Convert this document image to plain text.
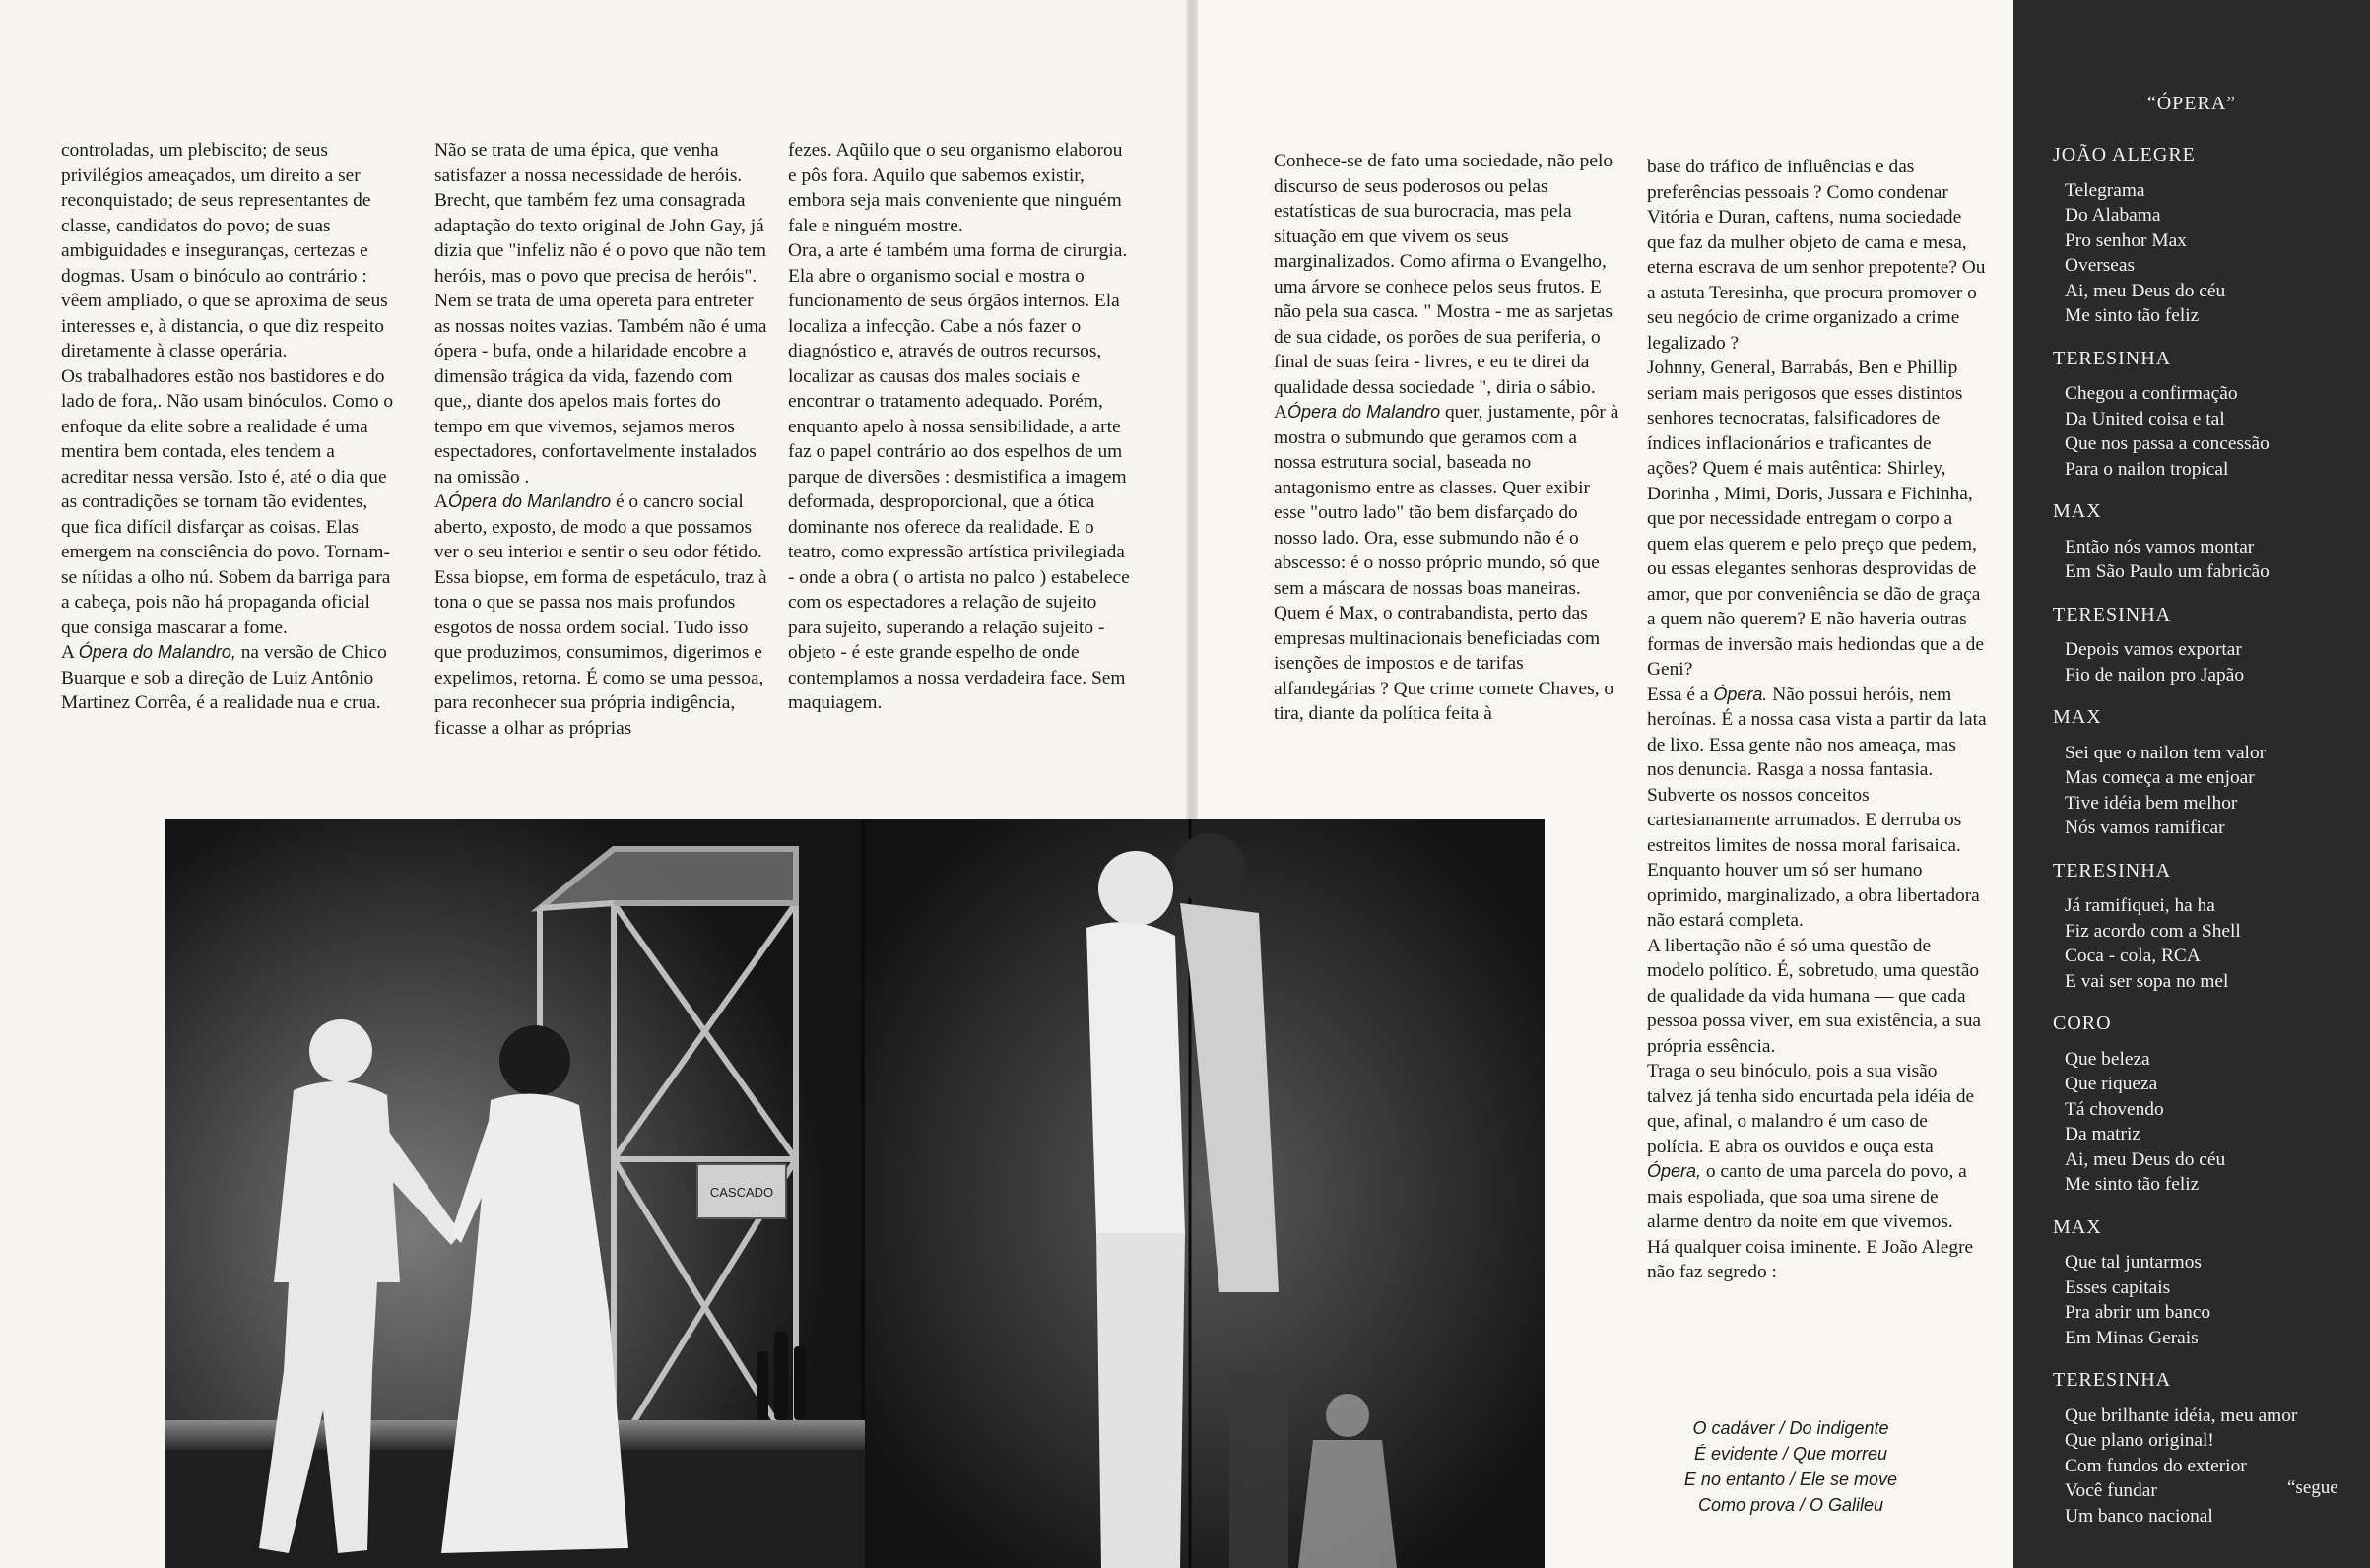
controladas, um plebiscito; de seus privilégios ameaçados, um direito a ser reconquistado; de seus representantes de classe, candidatos do povo; de suas ambiguidades e inseguranças, certezas e dogmas. Usam o binóculo ao contrário : vêem ampliado, o que se aproxima de seus interesses e, à distancia, o que diz respeito diretamente à classe operária.

Os trabalhadores estão nos bastidores e do lado de fora,. Não usam binóculos. Como o enfoque da elite sobre a realidade é uma mentira bem contada, eles tendem a acreditar nessa versão. Isto é, até o dia que as contradições se tornam tão evidentes, que fica difícil disfarçar as coisas. Elas emergem na consciência do povo. Tornam-se nítidas a olho nú. Sobem da barriga para a cabeça, pois não há propaganda oficial que consiga mascarar a fome.

A Ópera do Malandro, na versão de Chico Buarque e sob a direção de Luiz Antônio Martinez Corrêa, é a realidade nua e crua.

Não se trata de uma épica, que venha satisfazer a nossa necessidade de heróis. Brecht, que também fez uma consagrada adaptação do texto original de John Gay, já dizia que "infeliz não é o povo que não tem heróis, mas o povo que precisa de heróis". Nem se trata de uma opereta para entreter as nossas noites vazias. Também não é uma ópera - bufa, onde a hilaridade encobre a dimensão trágica da vida, fazendo com que,, diante dos apelos mais fortes do tempo em que vivemos, sejamos meros espectadores, confortavelmente instalados na omissão .

AÓpera do Manlandro é o cancro social aberto, exposto, de modo a que possamos ver o seu interioı e sentir o seu odor fétido. Essa biopse, em forma de espetáculo, traz à tona o que se passa nos mais profundos esgotos de nossa ordem social. Tudo isso que produzimos, consumimos, digerimos e expelimos, retorna. É como se uma pessoa, para reconhecer sua própria indigência, ficasse a olhar as próprias

fezes. Aqũilo que o seu organismo elaborou e pôs fora. Aquilo que sabemos existir, embora seja mais conveniente que ninguém fale e ninguém mostre.

Ora, a arte é também uma forma de cirurgia. Ela abre o organismo social e mostra o funcionamento de seus órgãos internos. Ela localiza a infecção. Cabe a nós fazer o diagnóstico e, através de outros recursos, localizar as causas dos males sociais e encontrar o tratamento adequado. Porém, enquanto apelo à nossa sensibilidade, a arte faz o papel contrário ao dos espelhos de um parque de diversões : desmistifica a imagem deformada, desproporcional, que a ótica dominante nos oferece da realidade. E o teatro, como expressão artística privilegiada - onde a obra ( o artista no palco ) estabelece com os espectadores a relação de sujeito para sujeito, superando a relação sujeito - objeto - é este grande espelho de onde contemplamos a nossa verdadeira face. Sem maquiagem.

Conhece-se de fato uma sociedade, não pelo discurso de seus poderosos ou pelas estatísticas de sua burocracia, mas pela situação em que vivem os seus marginalizados. Como afirma o Evangelho, uma árvore se conhece pelos seus frutos. E não pela sua casca. " Mostra - me as sarjetas de sua cidade, os porões de sua periferia, o final de suas feira - livres, e eu te direi da qualidade dessa sociedade ", diria o sábio.

AÓpera do Malandro quer, justamente, pôr à mostra o submundo que geramos com a nossa estrutura social, baseada no antagonismo entre as classes. Quer exibir esse "outro lado" tão bem disfarçado do nosso lado. Ora, esse submundo não é o abscesso: é o nosso próprio mundo, só que sem a máscara de nossas boas maneiras. Quem é Max, o contrabandista, perto das empresas multinacionais beneficiadas com isenções de impostos e de tarifas alfandegárias ? Que crime comete Chaves, o tira, diante da política feita à

base do tráfico de influências e das preferências pessoais ? Como condenar Vitória e Duran, caftens, numa sociedade que faz da mulher objeto de cama e mesa, eterna escrava de um senhor prepotente? Ou a astuta Teresinha, que procura promover o seu negócio de crime organizado a crime legalizado ?

Johnny, General, Barrabás, Ben e Phillip seriam mais perigosos que esses distintos senhores tecnocratas, falsificadores de índices inflacionários e traficantes de ações? Quem é mais autêntica: Shirley, Dorinha , Mimi, Doris, Jussara e Fichinha, que por necessidade entregam o corpo a quem elas querem e pelo preço que pedem, ou essas elegantes senhoras desprovidas de amor, que por conveniência se dão de graça a quem não querem? E não haveria outras formas de inversão mais hediondas que a de Geni?

Essa é a Ópera. Não possui heróis, nem heroínas. É a nossa casa vista a partir da lata de lixo. Essa gente não nos ameaça, mas nos denuncia. Rasga a nossa fantasia. Subverte os nossos conceitos cartesianamente arrumados. E derruba os estreitos limites de nossa moral farisaica.

Enquanto houver um só ser humano oprimido, marginalizado, a obra libertadora não estará completa.

A libertação não é só uma questão de modelo político. É, sobretudo, uma questão de qualidade da vida humana — que cada pessoa possa viver, em sua existência, a sua própria essência.

Traga o seu binóculo, pois a sua visão talvez já tenha sido encurtada pela idéia de que, afinal, o malandro é um caso de polícia. E abra os ouvidos e ouça esta Ópera, o canto de uma parcela do povo, a mais espoliada, que soa uma sirene de alarme dentro da noite em que vivemos.

Há qualquer coisa iminente. E João Alegre não faz segredo :

O cadáver / Do indigente
É evidente / Que morreu
E no entanto / Ele se move
Como prova / O Galileu
CASCADO
“ÓPERA”
JOÃO ALEGRE
Telegrama
Do Alabama
Pro senhor Max
Overseas
Ai, meu Deus do céu
Me sinto tão feliz
TERESINHA
Chegou a confirmação
Da United coisa e tal
Que nos passa a concessão
Para o nailon tropical
MAX
Então nós vamos montar
Em São Paulo um fabricão
TERESINHA
Depois vamos exportar
Fio de nailon pro Japão
MAX
Sei que o nailon tem valor
Mas começa a me enjoar
Tive idéia bem melhor
Nós vamos ramificar
TERESINHA
Já ramifiquei, ha ha
Fiz acordo com a Shell
Coca - cola, RCA
E vai ser sopa no mel
CORO
Que beleza
Que riqueza
Tá chovendo
Da matriz
Ai, meu Deus do céu
Me sinto tão feliz
MAX
Que tal juntarmos
Esses capitais
Pra abrir um banco
Em Minas Gerais
TERESINHA
Que brilhante idéia, meu amor
Que plano original!
Com fundos do exterior
Você fundar
Um banco nacional
“segue
